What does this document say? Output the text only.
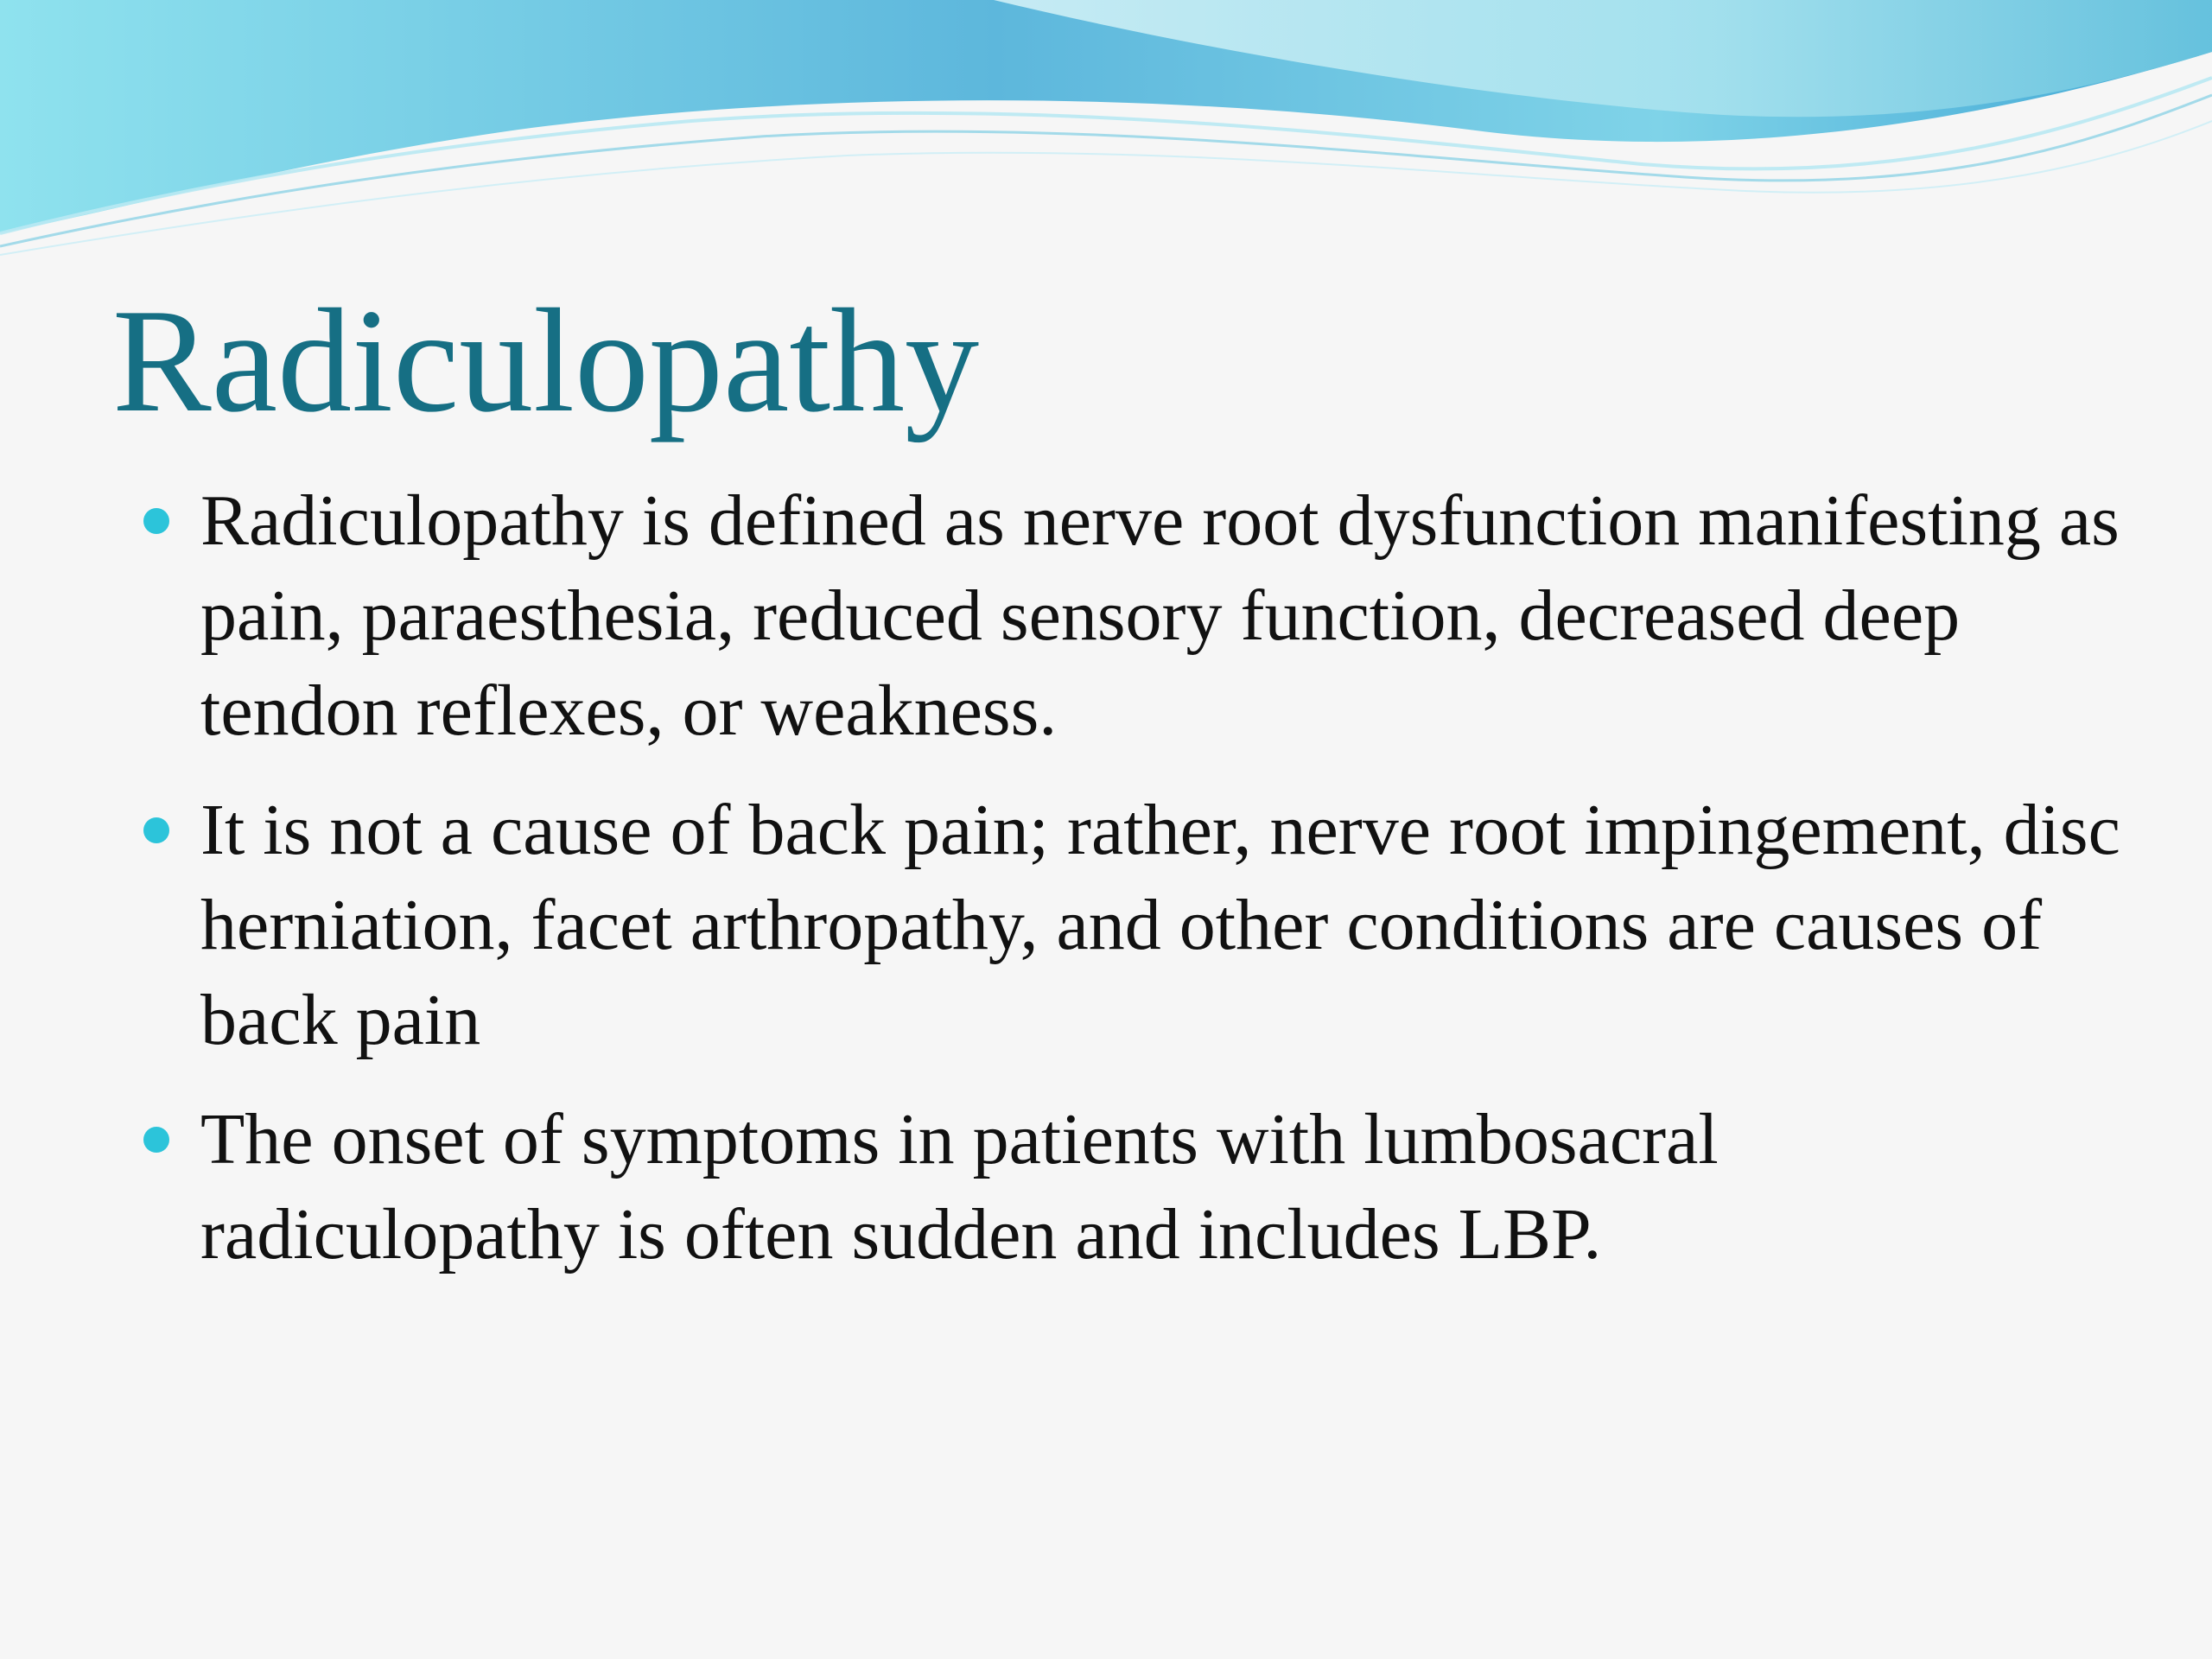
Radiculopathy
Radiculopathy is defined as nerve root dysfunction manifesting as pain, paraesthesia, reduced sensory function, decreased deep tendon reflexes, or weakness.
It is not a cause of back pain; rather, nerve root impingement, disc herniation, facet arthropathy, and other conditions are causes of back pain
The onset of symptoms in patients with lumbosacral radiculopathy is often sudden and includes LBP.
